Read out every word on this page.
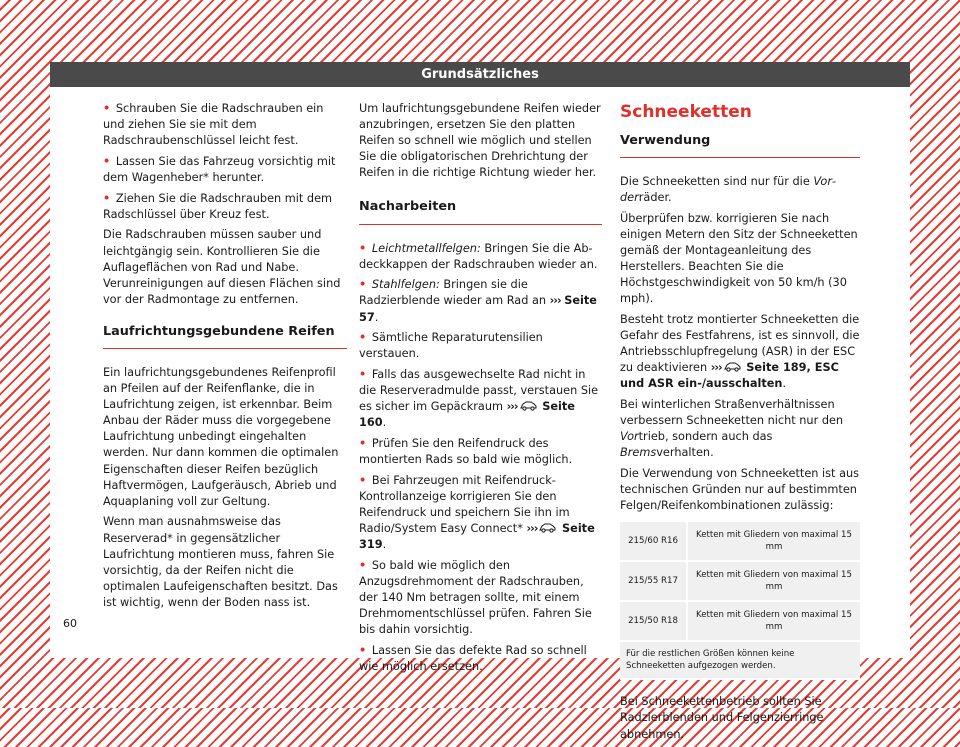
Grundsätzliches

• Schrauben Sie die Radschrauben ein und ziehen Sie sie mit dem Radschraubenschlüssel leicht fest.

• Lassen Sie das Fahrzeug vorsichtig mit dem Wagenheber* herunter.

• Ziehen Sie die Radschrauben mit dem Radschlüssel über Kreuz fest.

Die Radschrauben müssen sauber und leichtgängig sein. Kontrollieren Sie die Auflageflächen von Rad und Nabe. Verunreinigungen auf diesen Flächen sind vor der Radmontage zu entfernen.

Laufrichtungsgebundene Reifen

Ein laufrichtungsgebundenes Reifenprofil an Pfeilen auf der Reifenflanke, die in Laufrichtung zeigen, ist erkennbar. Beim Anbau der Räder muss die vorgegebene Laufrichtung unbedingt eingehalten werden. Nur dann kommen die optimalen Eigenschaften dieser Reifen bezüglich Haftvermögen, Laufgeräusch, Abrieb und Aquaplaning voll zur Geltung.

Wenn man ausnahmsweise das Reserverad* in gegensätzlicher Laufrichtung montieren muss, fahren Sie vorsichtig, da der Reifen nicht die optimalen Laufeigenschaften besitzt. Das ist wichtig, wenn der Boden nass ist.

Um laufrichtungsgebundene Reifen wieder anzubringen, ersetzen Sie den platten Reifen so schnell wie möglich und stellen Sie die obligatorischen Drehrichtung der Reifen in die richtige Richtung wieder her.

Nacharbeiten

• Leichtmetallfelgen: Bringen Sie die Abdeckkappen der Radschrauben wieder an.

• Stahlfelgen: Bringen sie die Radzierblende wieder am Rad an ››› Seite 57.

• Sämtliche Reparaturutensilien verstauen.

• Falls das ausgewechselte Rad nicht in die Reserveradmulde passt, verstauen Sie es sicher im Gepäckraum ››› Seite 160.

• Prüfen Sie den Reifendruck des montierten Rads so bald wie möglich.

• Bei Fahrzeugen mit Reifendruck-Kontrollanzeige korrigieren Sie den Reifendruck und speichern Sie ihn im Radio/System Easy Connect* ››› Seite 319.

• So bald wie möglich den Anzugsdrehmoment der Radschrauben, der 140 Nm betragen sollte, mit einem Drehmomentschlüssel prüfen. Fahren Sie bis dahin vorsichtig.

• Lassen Sie das defekte Rad so schnell wie möglich ersetzen.

Schneeketten
Verwendung

Die Schneeketten sind nur für die Vorderräder.

Überprüfen bzw. korrigieren Sie nach einigen Metern den Sitz der Schneeketten gemäß der Montageanleitung des Herstellers. Beachten Sie die Höchstgeschwindigkeit von 50 km/h (30 mph).

Besteht trotz montierter Schneeketten die Gefahr des Festfahrens, ist es sinnvoll, die Antriebsschlupfregelung (ASR) in der ESC zu deaktivieren ››› Seite 189, ESC und ASR ein-/ausschalten.

Bei winterlichen Straßenverhältnissen verbessern Schneeketten nicht nur den Vortrieb, sondern auch das Bremsverhalten.

Die Verwendung von Schneeketten ist aus technischen Gründen nur auf bestimmten Felgen/Reifenkombinationen zulässig:

215/60 R16	Ketten mit Gliedern von maximal 15 mm
215/55 R17	Ketten mit Gliedern von maximal 15 mm
215/50 R18	Ketten mit Gliedern von maximal 15 mm
Für die restlichen Größen können keine Schneeketten aufgezogen werden.	

Bei Schneekettenbetrieb sollten Sie Radzierblenden und Felgenzierringe abnehmen.

60
